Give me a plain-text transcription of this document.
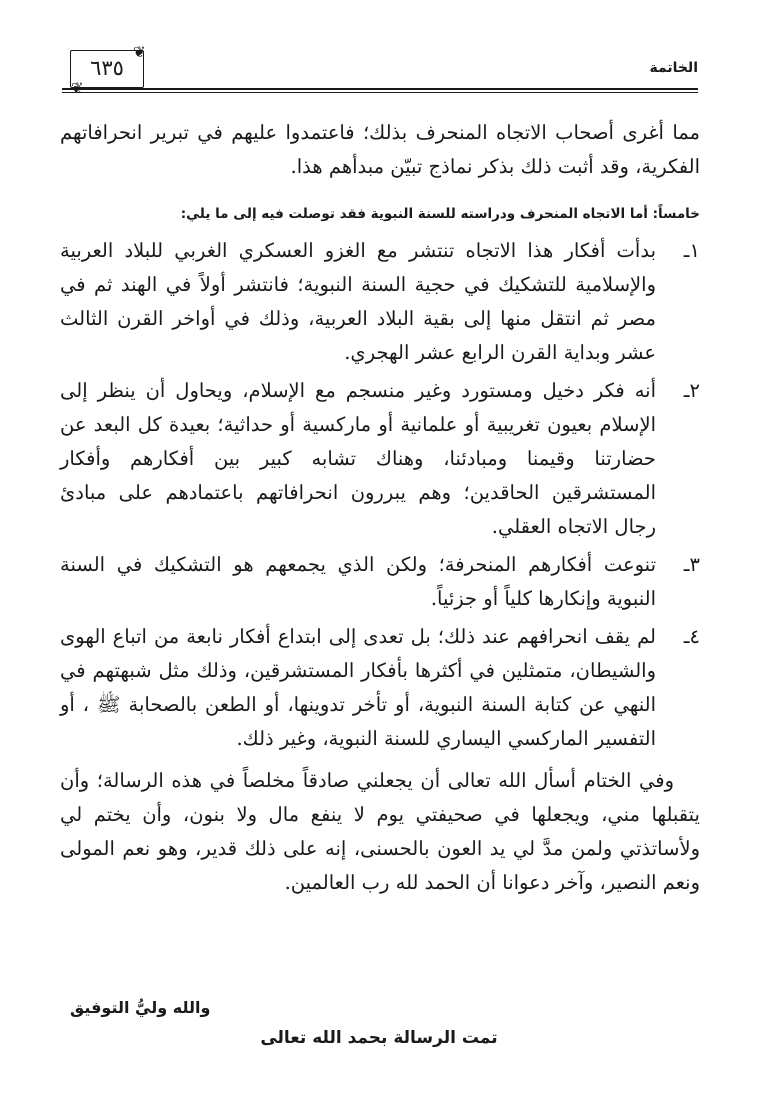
الخاتمة
❦
❦
٦٣٥

مما أغرى أصحاب الاتجاه المنحرف بذلك؛ فاعتمدوا عليهم في تبرير انحرافاتهم الفكرية، وقد أثبت ذلك بذكر نماذج تبيّن مبدأهم هذا.

خامساً: أما الاتجاه المنحرف ودراسته للسنة النبوية فقد توصلت فيه إلى ما يلي:
١ـ
بدأت أفكار هذا الاتجاه تنتشر مع الغزو العسكري الغربي للبلاد العربية والإسلامية للتشكيك في حجية السنة النبوية؛ فانتشر أولاً في الهند ثم في مصر ثم انتقل منها إلى بقية البلاد العربية، وذلك في أواخر القرن الثالث عشر وبداية القرن الرابع عشر الهجري.
٢ـ
أنه فكر دخيل ومستورد وغير منسجم مع الإسلام، ويحاول أن ينظر إلى الإسلام بعيون تغريبية أو علمانية أو ماركسية أو حداثية؛ بعيدة كل البعد عن حضارتنا وقيمنا ومبادئنا، وهناك تشابه كبير بين أفكارهم وأفكار المستشرقين الحاقدين؛ وهم يبررون انحرافاتهم باعتمادهم على مبادئ رجال الاتجاه العقلي.
٣ـ
تنوعت أفكارهم المنحرفة؛ ولكن الذي يجمعهم هو التشكيك في السنة النبوية وإنكارها كلياً أو جزئياً.
٤ـ
لم يقف انحرافهم عند ذلك؛ بل تعدى إلى ابتداع أفكار نابعة من اتباع الهوى والشيطان، متمثلين في أكثرها بأفكار المستشرقين، وذلك مثل شبهتهم في النهي عن كتابة السنة النبوية، أو تأخر تدوينها، أو الطعن بالصحابة ﷺ ، أو التفسير الماركسي اليساري للسنة النبوية، وغير ذلك.

وفي الختام أسأل الله تعالى أن يجعلني صادقاً مخلصاً في هذه الرسالة؛ وأن يتقبلها مني، ويجعلها في صحيفتي يوم لا ينفع مال ولا بنون، وأن يختم لي ولأساتذتي ولمن مدَّ لي يد العون بالحسنى، إنه على ذلك قدير، وهو نعم المولى ونعم النصير، وآخر دعوانا أن الحمد لله رب العالمين.

والله وليُّ التوفيق
تمت الرسالة بحمد الله تعالى
